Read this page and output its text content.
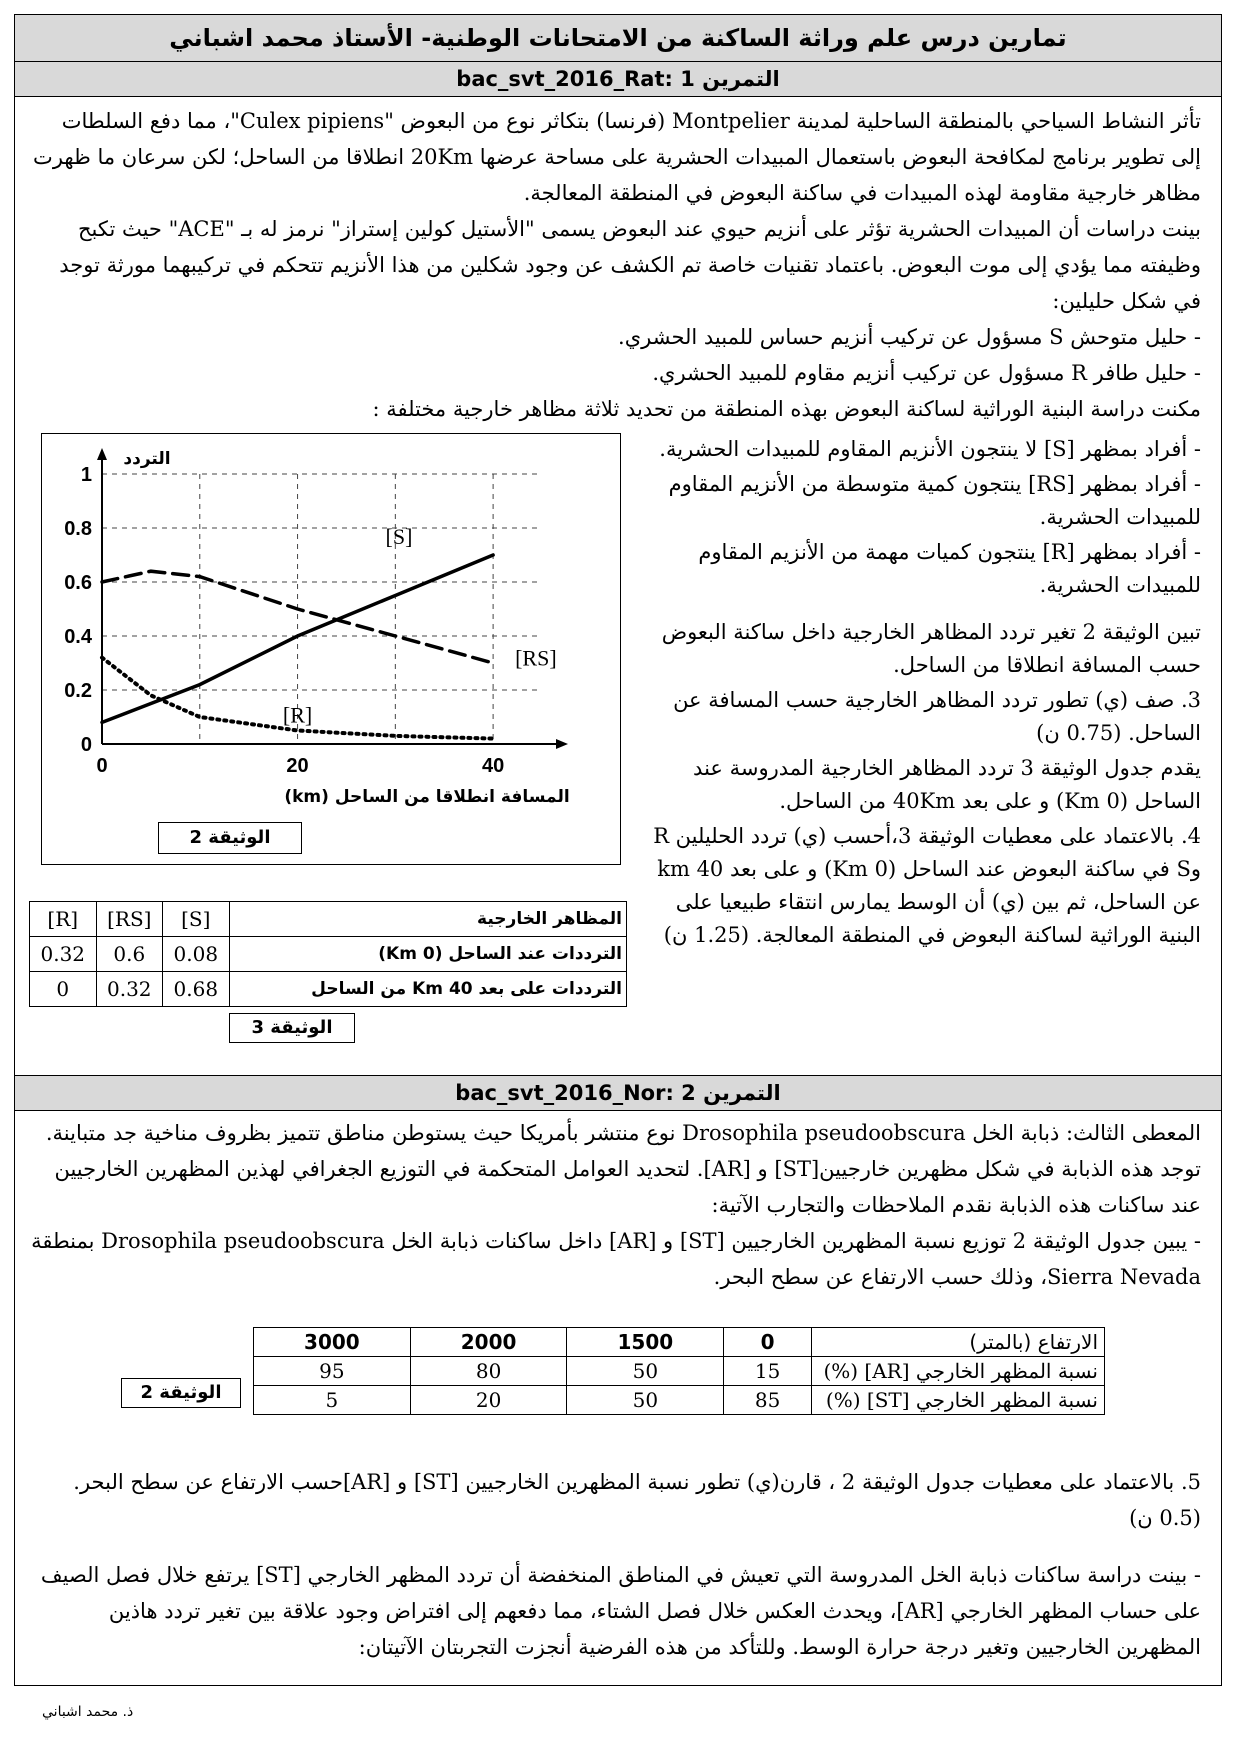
تمارين درس علم وراثة الساكنة من الامتحانات الوطنية- الأستاذ محمد اشباني
bac_svt_2016_Rat: 1 التمرين

تأثر النشاط السياحي بالمنطقة الساحلية لمدينة Montpelier (فرنسا) بتكاثر نوع من البعوض "Culex pipiens"، مما دفع السلطات إلى تطوير برنامج لمكافحة البعوض باستعمال المبيدات الحشرية على مساحة عرضها 20Km انطلاقا من الساحل؛ لكن سرعان ما ظهرت مظاهر خارجية مقاومة لهذه المبيدات في ساكنة البعوض في المنطقة المعالجة.

بينت دراسات أن المبيدات الحشرية تؤثر على أنزيم حيوي عند البعوض يسمى "الأستيل كولين إستراز" نرمز له بـ "ACE" حيث تكبح وظيفته مما يؤدي إلى موت البعوض. باعتماد تقنيات خاصة تم الكشف عن وجود شكلين من هذا الأنزيم تتحكم في تركيبهما مورثة توجد في شكل حليلين:

- حليل متوحش S مسؤول عن تركيب أنزيم حساس للمبيد الحشري.

- حليل طافر R مسؤول عن تركيب أنزيم مقاوم للمبيد الحشري.

مكنت دراسة البنية الوراثية لساكنة البعوض بهذه المنطقة من تحديد ثلاثة مظاهر خارجية مختلفة :

- أفراد بمظهر [S] لا ينتجون الأنزيم المقاوم للمبيدات الحشرية.

- أفراد بمظهر [RS] ينتجون كمية متوسطة من الأنزيم المقاوم للمبيدات الحشرية.

- أفراد بمظهر [R] ينتجون كميات مهمة من الأنزيم المقاوم للمبيدات الحشرية.

تبين الوثيقة 2 تغير تردد المظاهر الخارجية داخل ساكنة البعوض حسب المسافة انطلاقا من الساحل.

3. صف (ي) تطور تردد المظاهر الخارجية حسب المسافة عن الساحل. (0.75 ن)

يقدم جدول الوثيقة 3 تردد المظاهر الخارجية المدروسة عند الساحل (0 Km) و على بعد 40Km من الساحل.

4. بالاعتماد على معطيات الوثيقة 3،أحسب (ي) تردد الحليلين R وS في ساكنة البعوض عند الساحل (0 Km) و على بعد 40 km عن الساحل، ثم بين (ي) أن الوسط يمارس انتقاء طبيعيا على البنية الوراثية لساكنة البعوض في المنطقة المعالجة. (1.25 ن)

0
0.2
0.4
0.6
0.8
1
0	20	40
التردد
المسافة انطلاقا من الساحل (km)
[S]
[RS]
[R]
الوثيقة 2
[R]	[RS]	[S]	المظاهر الخارجية
0.32	0.6	0.08	الترددات عند الساحل (0 Km)
0	0.32	0.68	الترددات على بعد 40 Km من الساحل
الوثيقة 3
bac_svt_2016_Nor: 2 التمرين

المعطى الثالث: ذبابة الخل Drosophila pseudoobscura نوع منتشر بأمريكا حيث يستوطن مناطق تتميز بظروف مناخية جد متباينة. توجد هذه الذبابة في شكل مظهرين خارجيين[ST] و [AR]. لتحديد العوامل المتحكمة في التوزيع الجغرافي لهذين المظهرين الخارجيين عند ساكنات هذه الذبابة نقدم الملاحظات والتجارب الآتية:

- يبين جدول الوثيقة 2 توزيع نسبة المظهرين الخارجيين [ST] و [AR] داخل ساكنات ذبابة الخل Drosophila pseudoobscura بمنطقة Sierra Nevada، وذلك حسب الارتفاع عن سطح البحر.

3000	2000	1500	0	الارتفاع (بالمتر)
95	80	50	15	نسبة المظهر الخارجي [AR] (%)
5	20	50	85	نسبة المظهر الخارجي [ST] (%)
الوثيقة 2

5. بالاعتماد على معطيات جدول الوثيقة 2 ، قارن(ي) تطور نسبة المظهرين الخارجيين [ST] و [AR]حسب الارتفاع عن سطح البحر. (0.5 ن)

- بينت دراسة ساكنات ذبابة الخل المدروسة التي تعيش في المناطق المنخفضة أن تردد المظهر الخارجي [ST] يرتفع خلال فصل الصيف على حساب المظهر الخارجي [AR]، ويحدث العكس خلال فصل الشتاء، مما دفعهم إلى افتراض وجود علاقة بين تغير تردد هاذين المظهرين الخارجيين وتغير درجة حرارة الوسط. وللتأكد من هذه الفرضية أنجزت التجربتان الآتيتان:

ذ. محمد اشباني
